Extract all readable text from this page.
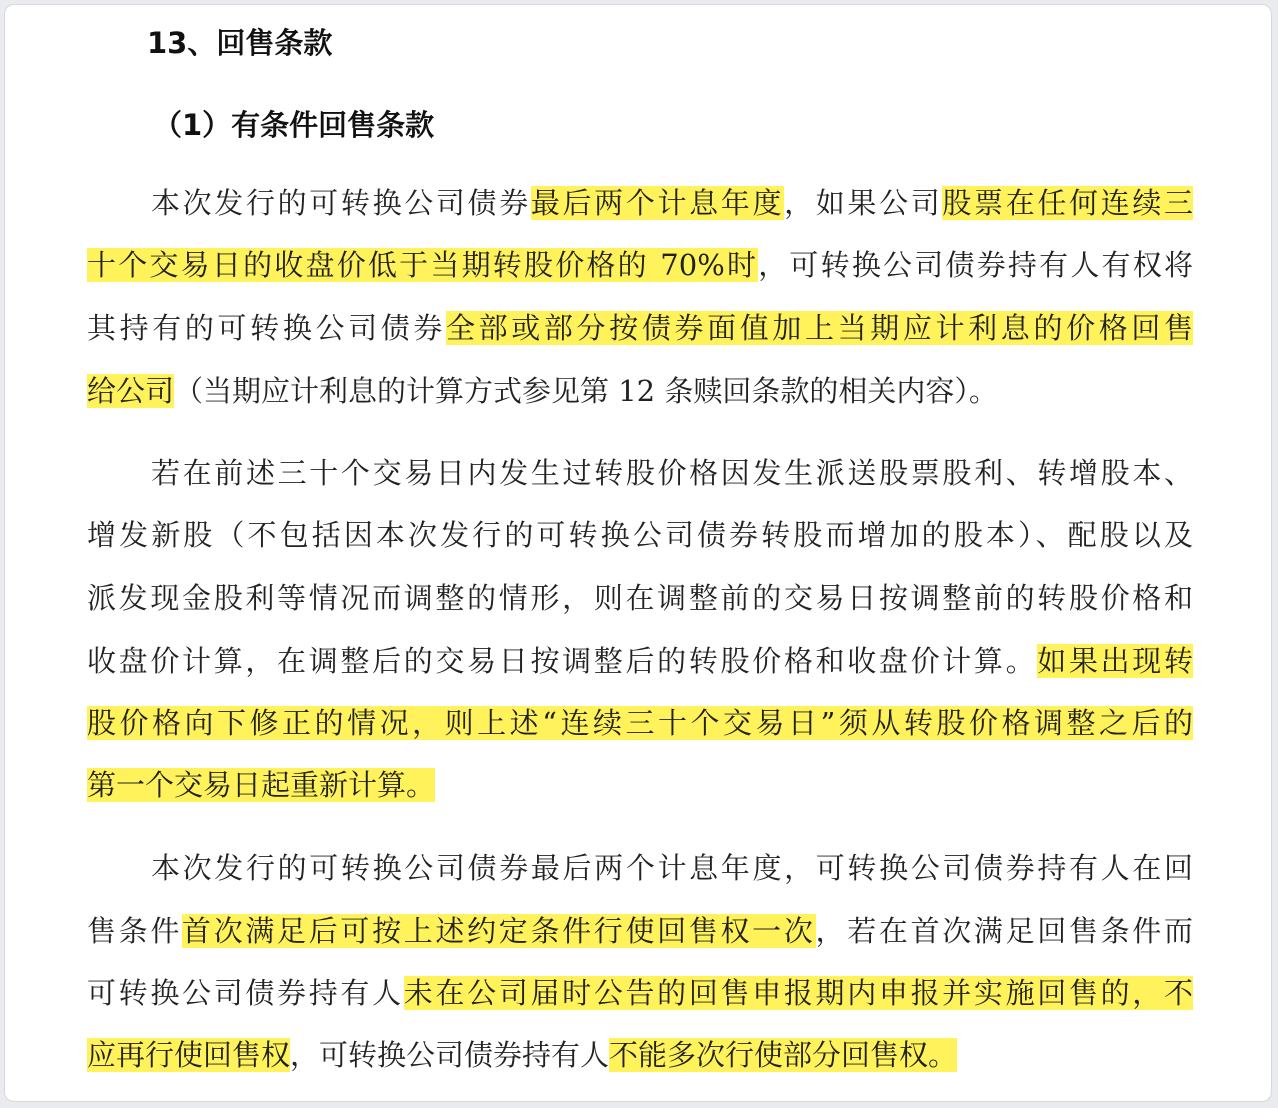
13、回售条款
（1）有条件回售条款
本次发行的可转换公司债券最后两个计息年度，如果公司股票在任何连续三
十个交易日的收盘价低于当期转股价格的 70%时，可转换公司债券持有人有权将
其持有的可转换公司债券全部或部分按债券面值加上当期应计利息的价格回售
给公司（当期应计利息的计算方式参见第 12 条赎回条款的相关内容）。
若在前述三十个交易日内发生过转股价格因发生派送股票股利、转增股本、
增发新股（不包括因本次发行的可转换公司债券转股而增加的股本）、配股以及
派发现金股利等情况而调整的情形，则在调整前的交易日按调整前的转股价格和
收盘价计算，在调整后的交易日按调整后的转股价格和收盘价计算。如果出现转
股价格向下修正的情况，则上述“连续三十个交易日”须从转股价格调整之后的
第一个交易日起重新计算。
本次发行的可转换公司债券最后两个计息年度，可转换公司债券持有人在回
售条件首次满足后可按上述约定条件行使回售权一次，若在首次满足回售条件而
可转换公司债券持有人未在公司届时公告的回售申报期内申报并实施回售的，不
应再行使回售权，可转换公司债券持有人不能多次行使部分回售权。
